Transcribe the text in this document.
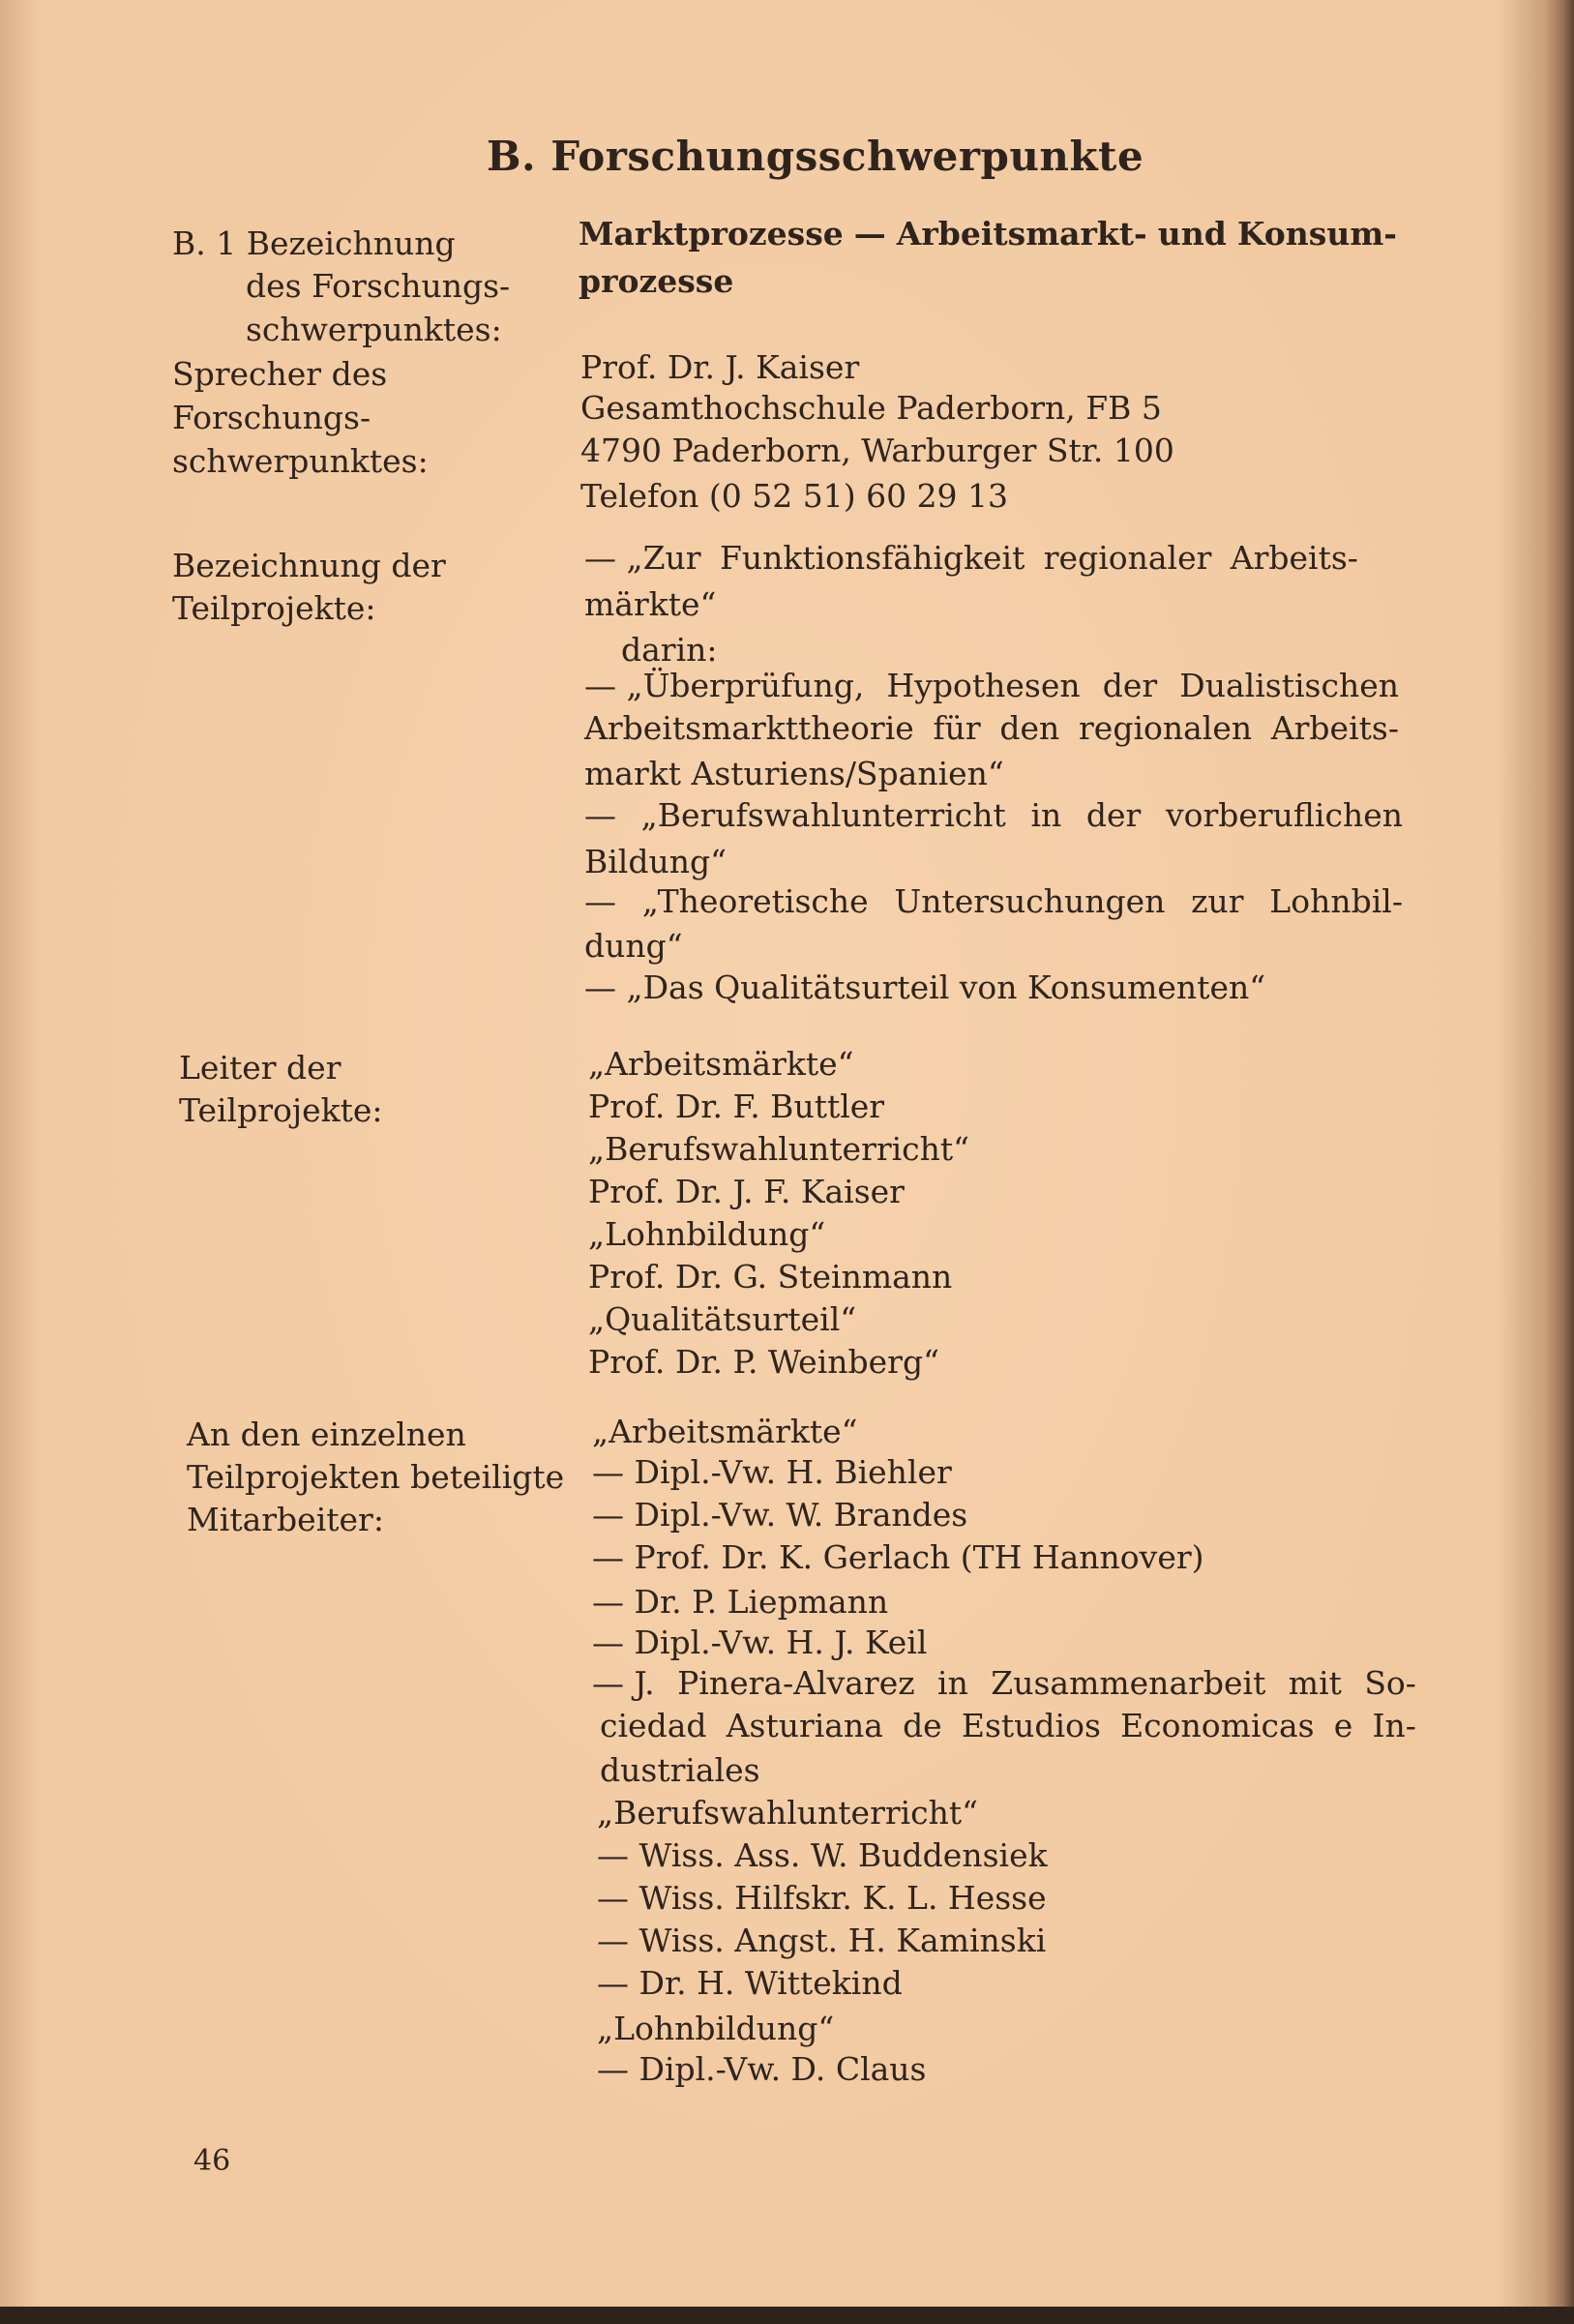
B. Forschungsschwerpunkte
B. 1 Bezeichnung
des Forschungs-
schwerpunktes:
Sprecher des
Forschungs-
schwerpunktes:
Bezeichnung der
Teilprojekte:
Leiter der
Teilprojekte:
An den einzelnen
Teilprojekten beteiligte
Mitarbeiter:
Marktprozesse — Arbeitsmarkt- und Konsum-
prozesse
Prof. Dr. J. Kaiser
Gesamthochschule Paderborn, FB 5
4790 Paderborn, Warburger Str. 100
Telefon (0 52 51) 60 29 13
— „Zur Funktionsfähigkeit regionaler Arbeits-
märkte“
darin:
— „Überprüfung, Hypothesen der Dualistischen
Arbeitsmarkttheorie für den regionalen Arbeits-
markt Asturiens/Spanien“
— „Berufswahlunterricht in der vorberuflichen
Bildung“
— „Theoretische Untersuchungen zur Lohnbil-
dung“
— „Das Qualitätsurteil von Konsumenten“
„Arbeitsmärkte“
Prof. Dr. F. Buttler
„Berufswahlunterricht“
Prof. Dr. J. F. Kaiser
„Lohnbildung“
Prof. Dr. G. Steinmann
„Qualitätsurteil“
Prof. Dr. P. Weinberg“
„Arbeitsmärkte“
— Dipl.-Vw. H. Biehler
— Dipl.-Vw. W. Brandes
— Prof. Dr. K. Gerlach (TH Hannover)
— Dr. P. Liepmann
— Dipl.-Vw. H. J. Keil
— J. Pinera-Alvarez in Zusammenarbeit mit So-
ciedad Asturiana de Estudios Economicas e In-
dustriales
„Berufswahlunterricht“
— Wiss. Ass. W. Buddensiek
— Wiss. Hilfskr. K. L. Hesse
— Wiss. Angst. H. Kaminski
— Dr. H. Wittekind
„Lohnbildung“
— Dipl.-Vw. D. Claus
46
